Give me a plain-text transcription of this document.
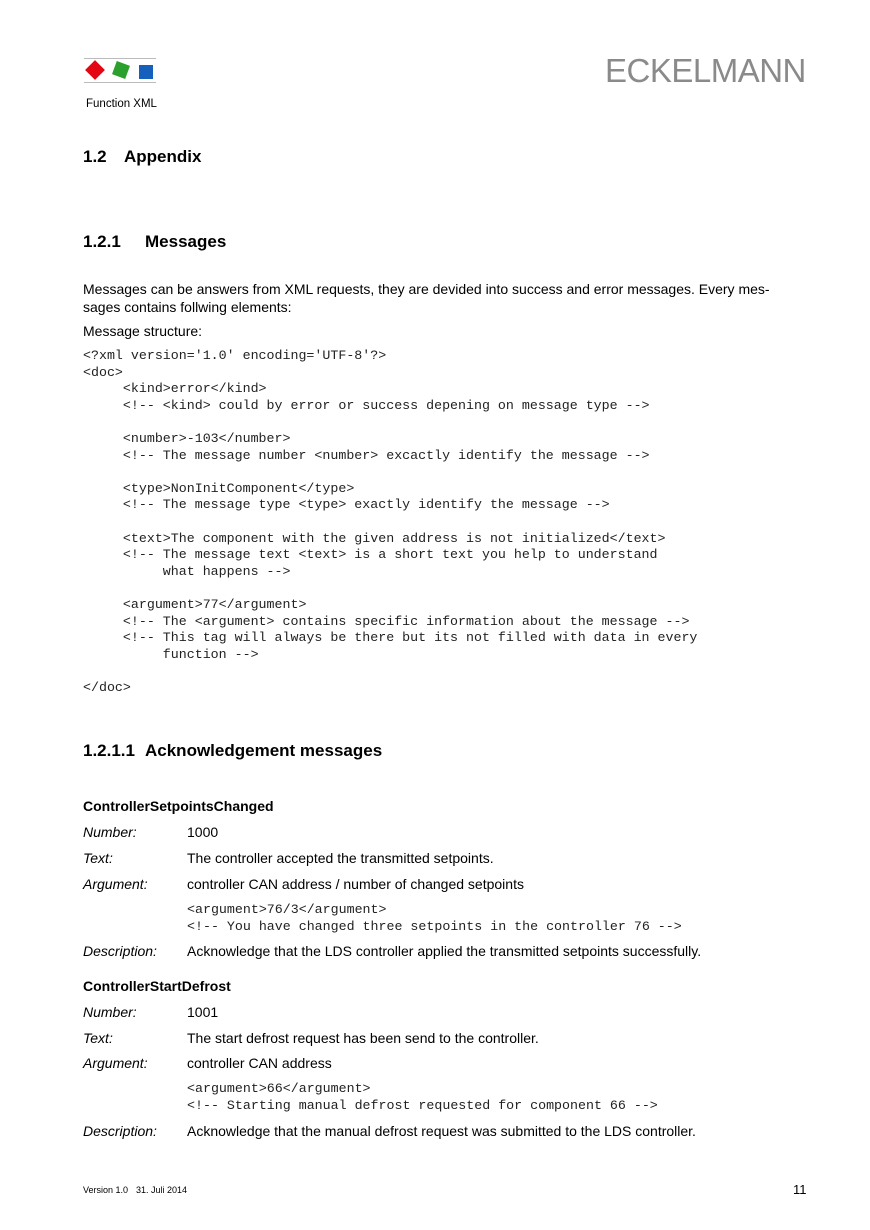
ECKELMANN
Function XML
1.2 Appendix
1.2.1 Messages

Messages can be answers from XML requests, they are devided into success and error messages. Every mes-

sages contains follwing elements:

Message structure:

<?xml version='1.0' encoding='UTF-8'?>
<doc>
<kind>error</kind>
<!-- <kind> could by error or success depening on message type -->

<number>-103</number>
<!-- The message number <number> excactly identify the message -->

<type>NonInitComponent</type>
<!-- The message type <type> exactly identify the message -->

<text>The component with the given address is not initialized</text>
<!-- The message text <text> is a short text you help to understand
what happens -->

<argument>77</argument>
<!-- The <argument> contains specific information about the message -->
<!-- This tag will always be there but its not filled with data in every
function -->

</doc>
1.2.1.1 Acknowledgement messages
ControllerSetpointsChanged
Number:	1000
Text:	The controller accepted the transmitted setpoints.
Argument:	controller CAN address / number of changed setpoints
<argument>76/3</argument>
<!-- You have changed three setpoints in the controller 76 -->
Description: Acknowledge that the LDS controller applied the transmitted setpoints successfully.
ControllerStartDefrost
Number:	1001
Text:	The start defrost request has been send to the controller.
Argument:	controller CAN address
<argument>66</argument>
<!-- Starting manual defrost requested for component 66 -->
Description: Acknowledge that the manual defrost request was submitted to the LDS controller.
Version 1.0 31. Juli 2014	11
